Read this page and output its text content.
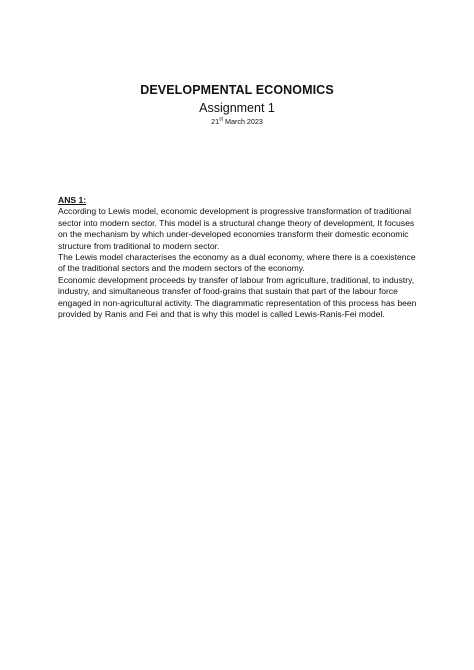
DEVELOPMENTAL ECONOMICS
Assignment 1
21st March 2023
ANS 1:

According to Lewis model, economic development is progressive transformation of traditional sector into modern sector. This model is a structural change theory of development, It focuses on the mechanism by which under-developed economies transform their domestic economic structure from traditional to modern sector.

The Lewis model characterises the economy as a dual economy, where there is a coexistence of the traditional sectors and the modern sectors of the economy.

Economic development proceeds by transfer of labour from agriculture, traditional, to industry, industry, and simultaneous transfer of food-grains that sustain that part of the labour force engaged in non-agricultural activity. The diagrammatic representation of this process has been provided by Ranis and Fei and that is why this model is called Lewis-Ranis-Fei model.
